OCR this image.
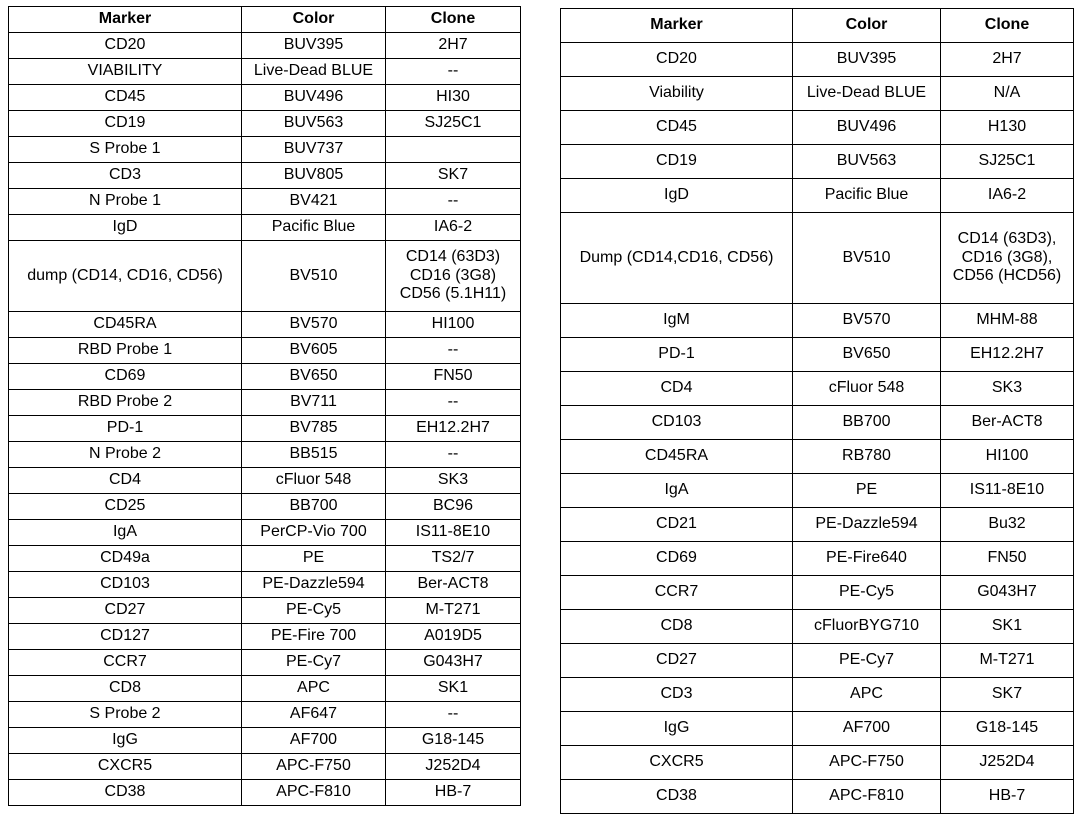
Marker	Color	Clone
CD20	BUV395	2H7
VIABILITY	Live-Dead BLUE	--
CD45	BUV496	HI30
CD19	BUV563	SJ25C1
S Probe 1	BUV737	
CD3	BUV805	SK7
N Probe 1	BV421	--
IgD	Pacific Blue	IA6-2
dump (CD14, CD16, CD56)	BV510	CD14 (63D3)
CD16 (3G8)
CD56 (5.1H11)

CD45RA	BV570	HI100
RBD Probe 1	BV605	--
CD69	BV650	FN50
RBD Probe 2	BV711	--
PD-1	BV785	EH12.2H7
N Probe 2	BB515	--
CD4	cFluor 548	SK3
CD25	BB700	BC96
IgA	PerCP-Vio 700	IS11-8E10
CD49a	PE	TS2/7
CD103	PE-Dazzle594	Ber-ACT8
CD27	PE-Cy5	M-T271
CD127	PE-Fire 700	A019D5
CCR7	PE-Cy7	G043H7
CD8	APC	SK1
S Probe 2	AF647	--
IgG	AF700	G18-145
CXCR5	APC-F750	J252D4
CD38	APC-F810	HB-7
Marker	Color	Clone
CD20	BUV395	2H7
Viability	Live-Dead BLUE	N/A
CD45	BUV496	H130
CD19	BUV563	SJ25C1
IgD	Pacific Blue	IA6-2
Dump (CD14,CD16, CD56)	BV510	CD14 (63D3),
CD16 (3G8),
CD56 (HCD56)

IgM	BV570	MHM-88
PD-1	BV650	EH12.2H7
CD4	cFluor 548	SK3
CD103	BB700	Ber-ACT8
CD45RA	RB780	HI100
IgA	PE	IS11-8E10
CD21	PE-Dazzle594	Bu32
CD69	PE-Fire640	FN50
CCR7	PE-Cy5	G043H7
CD8	cFluorBYG710	SK1
CD27	PE-Cy7	M-T271
CD3	APC	SK7
IgG	AF700	G18-145
CXCR5	APC-F750	J252D4
CD38	APC-F810	HB-7
